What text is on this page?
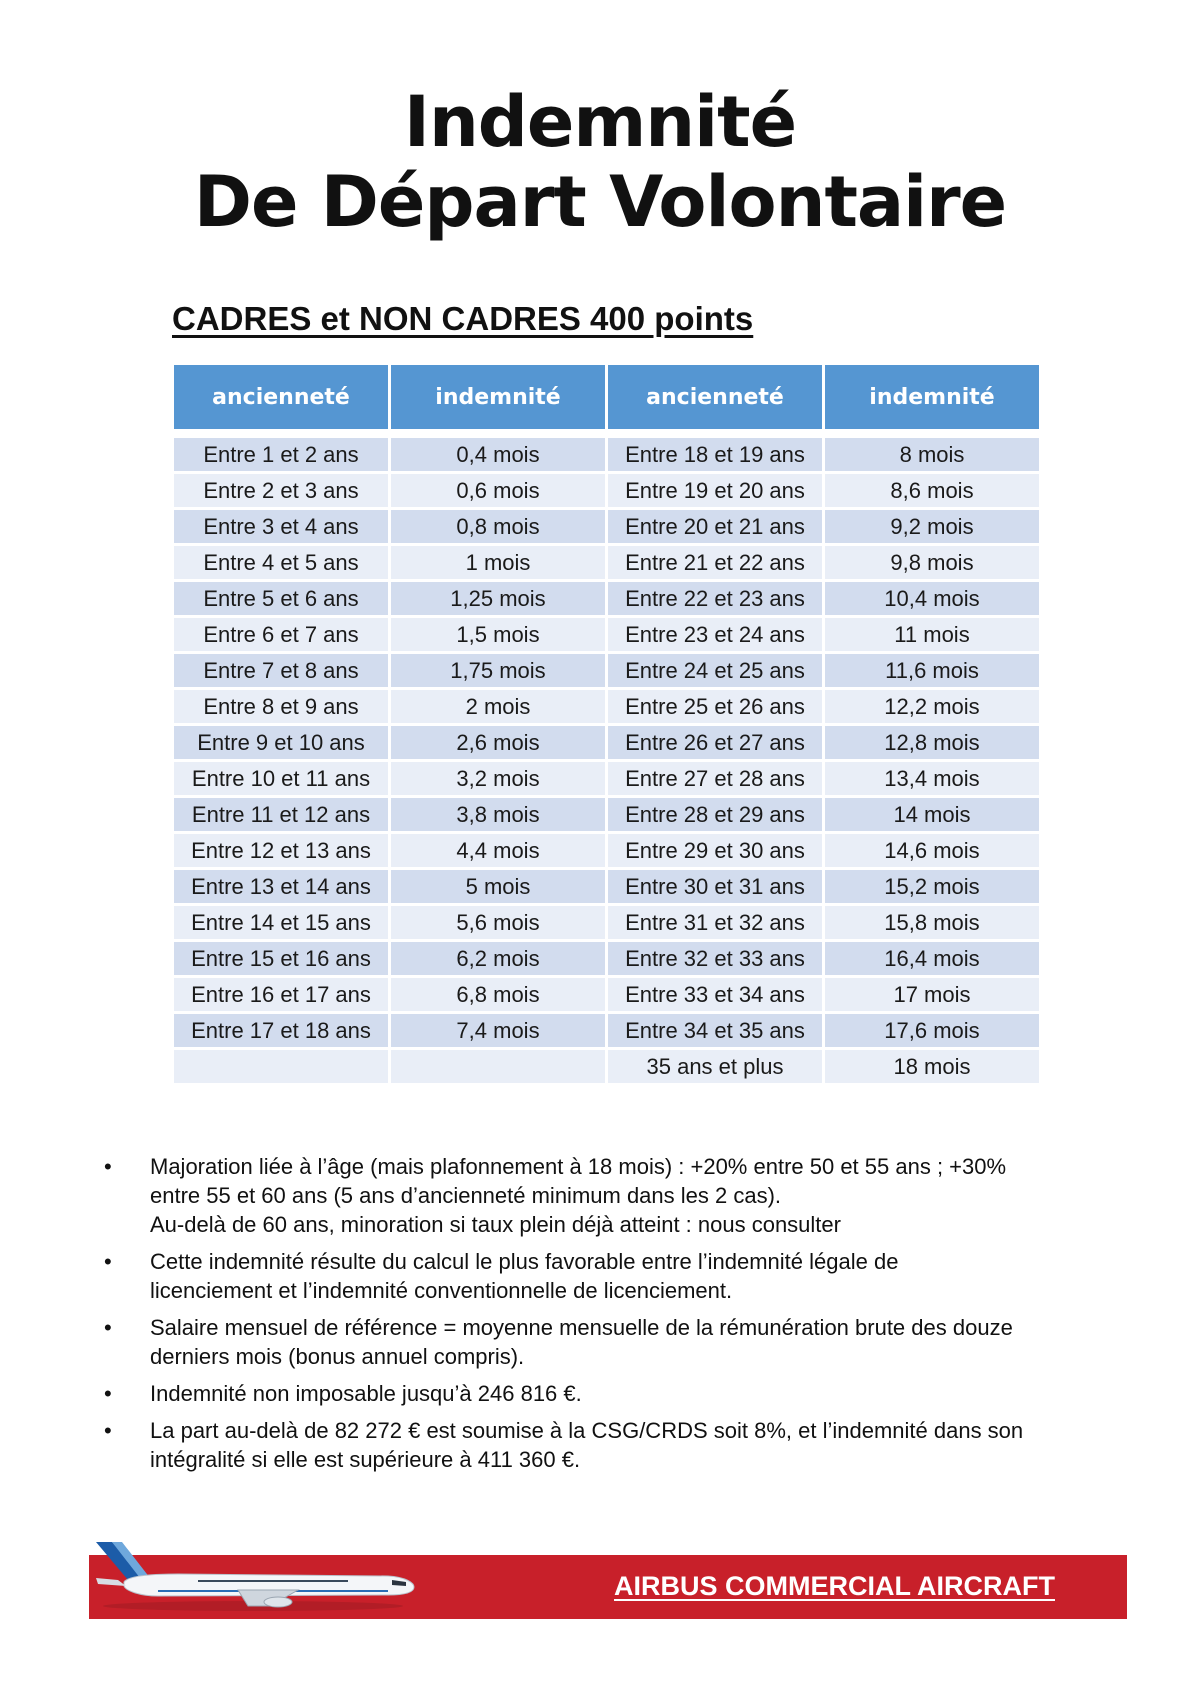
Indemnité
De Départ Volontaire
CADRES et NON CADRES 400 points
ancienneté	indemnité	ancienneté	indemnité

Entre 1 et 2 ans	0,4 mois	Entre 18 et 19 ans	8 mois
Entre 2 et 3 ans	0,6 mois	Entre 19 et 20 ans	8,6 mois
Entre 3 et 4 ans	0,8 mois	Entre 20 et 21 ans	9,2 mois
Entre 4 et 5 ans	1 mois	Entre 21 et 22 ans	9,8 mois
Entre 5 et 6 ans	1,25 mois	Entre 22 et 23 ans	10,4 mois
Entre 6 et 7 ans	1,5 mois	Entre 23 et 24 ans	11 mois
Entre 7 et 8 ans	1,75 mois	Entre 24 et 25 ans	11,6 mois
Entre 8 et 9 ans	2 mois	Entre 25 et 26 ans	12,2 mois
Entre 9 et 10 ans	2,6 mois	Entre 26 et 27 ans	12,8 mois
Entre 10 et 11 ans	3,2 mois	Entre 27 et 28 ans	13,4 mois
Entre 11 et 12 ans	3,8 mois	Entre 28 et 29 ans	14 mois
Entre 12 et 13 ans	4,4 mois	Entre 29 et 30 ans	14,6 mois
Entre 13 et 14 ans	5 mois	Entre 30 et 31 ans	15,2 mois
Entre 14 et 15 ans	5,6 mois	Entre 31 et 32 ans	15,8 mois
Entre 15 et 16 ans	6,2 mois	Entre 32 et 33 ans	16,4 mois
Entre 16 et 17 ans	6,8 mois	Entre 33 et 34 ans	17 mois
Entre 17 et 18 ans	7,4 mois	Entre 34 et 35 ans	17,6 mois
		35 ans et plus	18 mois
• Majoration liée à l’âge (mais plafonnement à 18 mois) : +20% entre 50 et 55 ans ; +30%
entre 55 et 60 ans (5 ans d’ancienneté minimum dans les 2 cas).
Au-delà de 60 ans, minoration si taux plein déjà atteint : nous consulter
• Cette indemnité résulte du calcul le plus favorable entre l’indemnité légale de
licenciement et l’indemnité conventionnelle de licenciement.
• Salaire mensuel de référence = moyenne mensuelle de la rémunération brute des douze
derniers mois (bonus annuel compris).
• Indemnité non imposable jusqu’à 246 816 €.
• La part au-delà de 82 272 € est soumise à la CSG/CRDS soit 8%, et l’indemnité dans son
intégralité si elle est supérieure à 411 360 €.
AIRBUS COMMERCIAL AIRCRAFT
